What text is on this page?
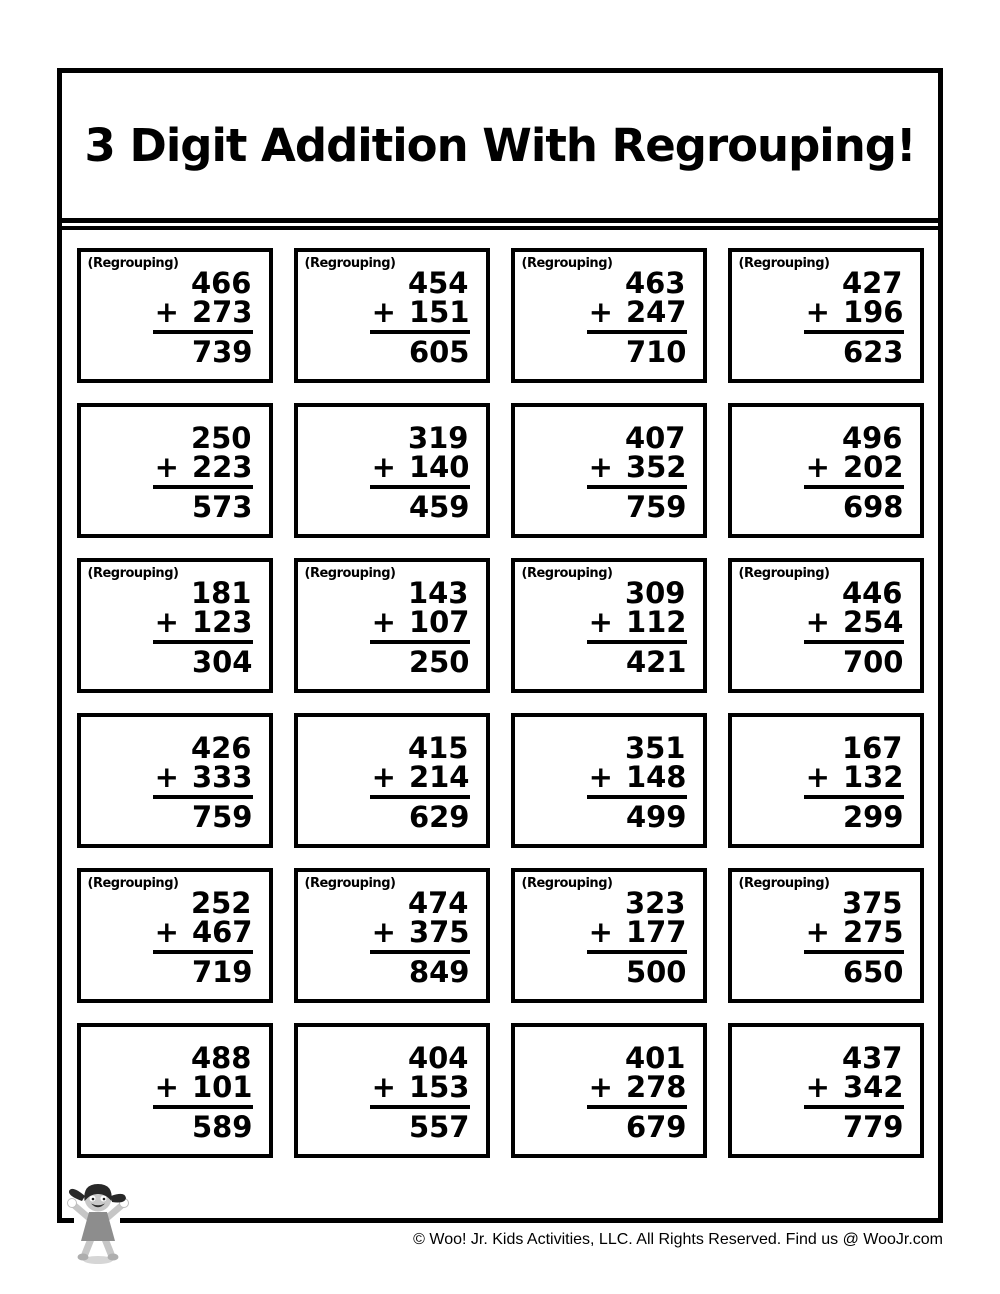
3 Digit Addition With Regrouping!
(Regrouping)
466
+ 273
739
(Regrouping)
454
+ 151
605
(Regrouping)
463
+ 247
710
(Regrouping)
427
+ 196
623
250
+ 223
573
319
+ 140
459
407
+ 352
759
496
+ 202
698
(Regrouping)
181
+ 123
304
(Regrouping)
143
+ 107
250
(Regrouping)
309
+ 112
421
(Regrouping)
446
+ 254
700
426
+ 333
759
415
+ 214
629
351
+ 148
499
167
+ 132
299
(Regrouping)
252
+ 467
719
(Regrouping)
474
+ 375
849
(Regrouping)
323
+ 177
500
(Regrouping)
375
+ 275
650
488
+ 101
589
404
+ 153
557
401
+ 278
679
437
+ 342
779
© Woo! Jr. Kids Activities, LLC. All Rights Reserved. Find us @ WooJr.com
